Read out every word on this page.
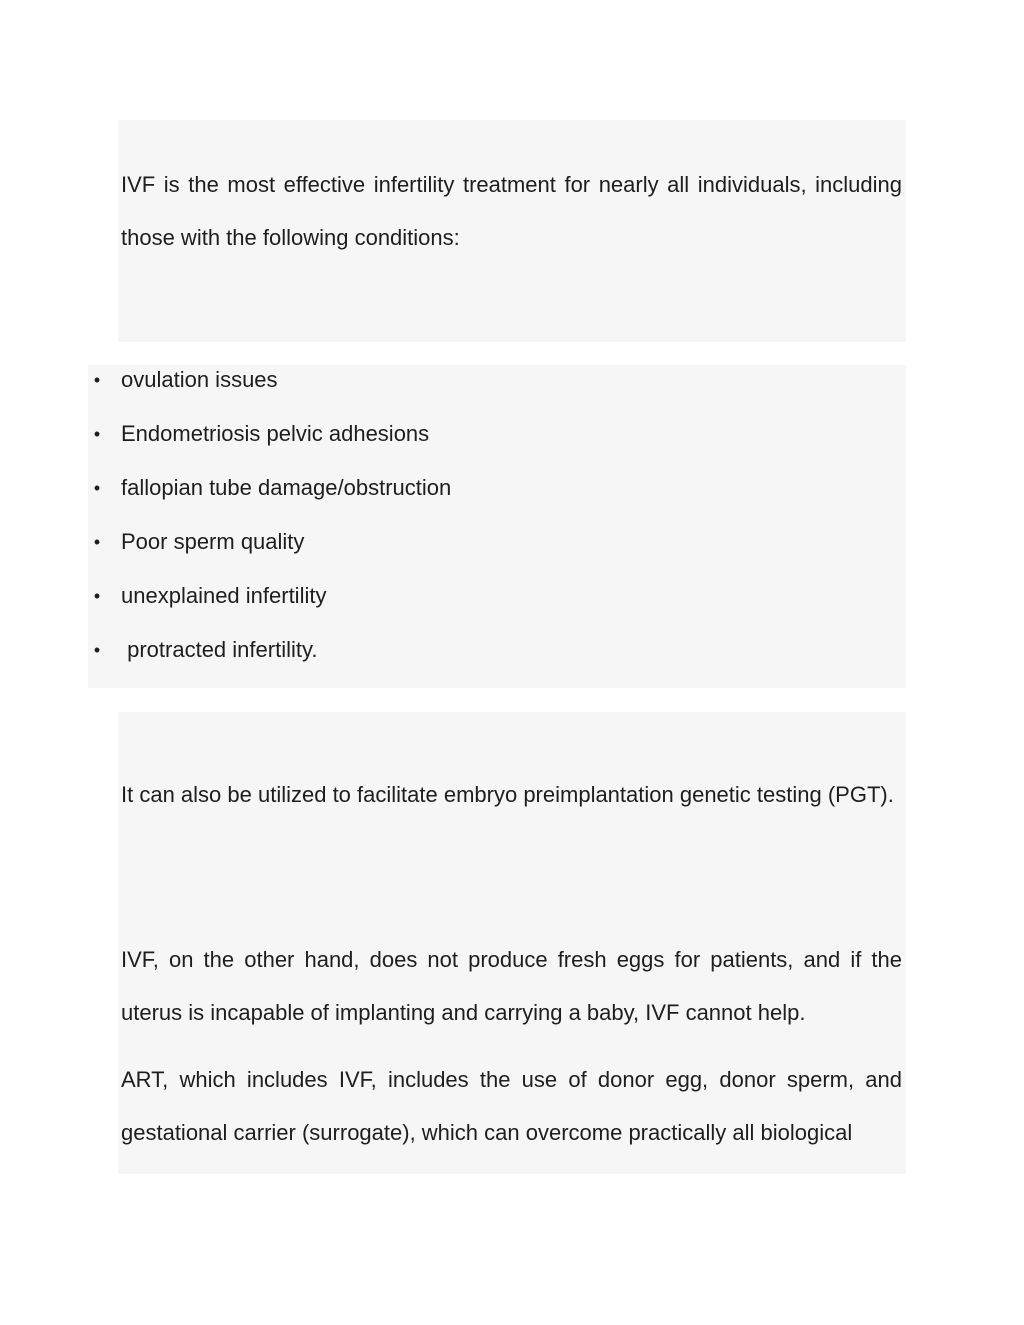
IVF is the most effective infertility treatment for nearly all individuals, including those with the following conditions:

• ovulation issues
• Endometriosis pelvic adhesions
• fallopian tube damage/obstruction
• Poor sperm quality
• unexplained infertility
• protracted infertility.

It can also be utilized to facilitate embryo preimplantation genetic testing (PGT).

IVF, on the other hand, does not produce fresh eggs for patients, and if the uterus is incapable of implanting and carrying a baby, IVF cannot help.

ART, which includes IVF, includes the use of donor egg, donor sperm, and gestational carrier (surrogate), which can overcome practically all biological
